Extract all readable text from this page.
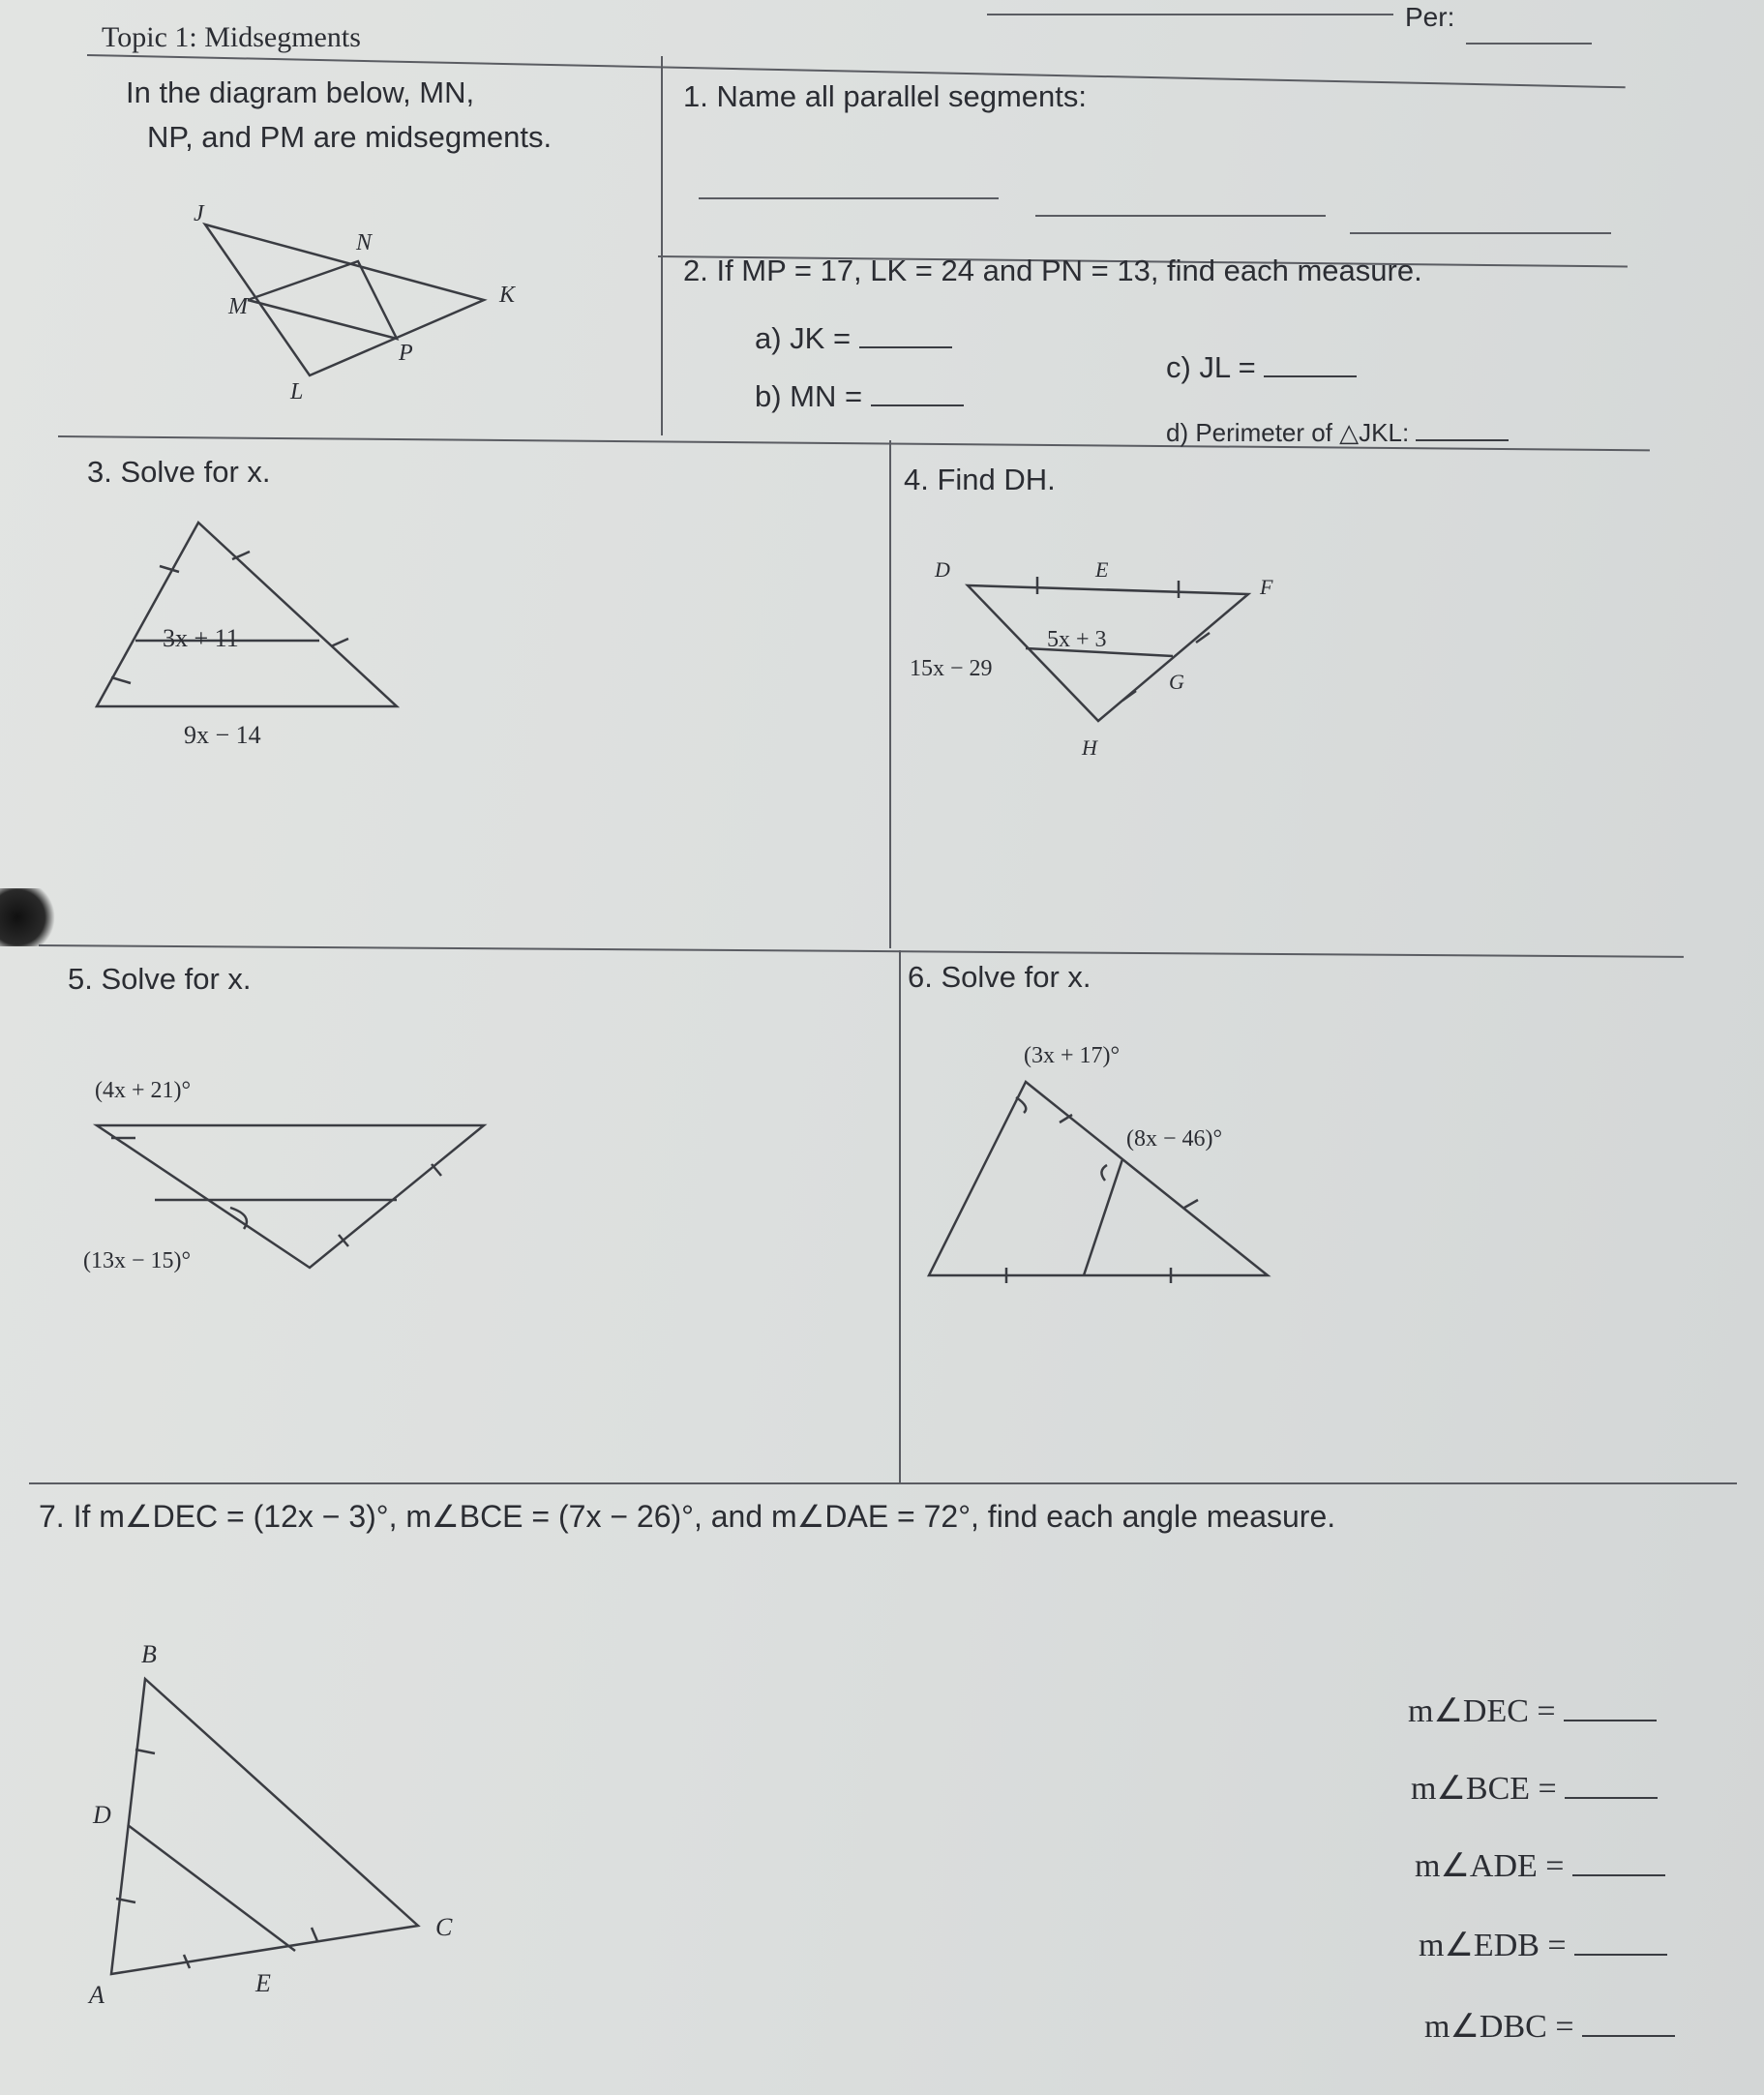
Topic 1: Midsegments
Per:
In the diagram below, MN,
NP, and PM are midsegments.
J
N
M	K
P
L
1. Name all parallel segments:
2. If MP = 17, LK = 24 and PN = 13, find each measure.
a) JK =
b) MN =
c) JL =
d) Perimeter of △JKL:
3. Solve for x.
3x + 11
9x − 14
4. Find DH.
D	E
F
G
H
5x + 3
15x − 29
5. Solve for x.
(4x + 21)°
(13x − 15)°
6. Solve for x.
(3x + 17)°
(8x − 46)°
7. If m∠DEC = (12x − 3)°, m∠BCE = (7x − 26)°, and m∠DAE = 72°, find each angle measure.
B
D
A	E
C
m∠DEC =
m∠BCE =
m∠ADE =
m∠EDB =
m∠DBC =
